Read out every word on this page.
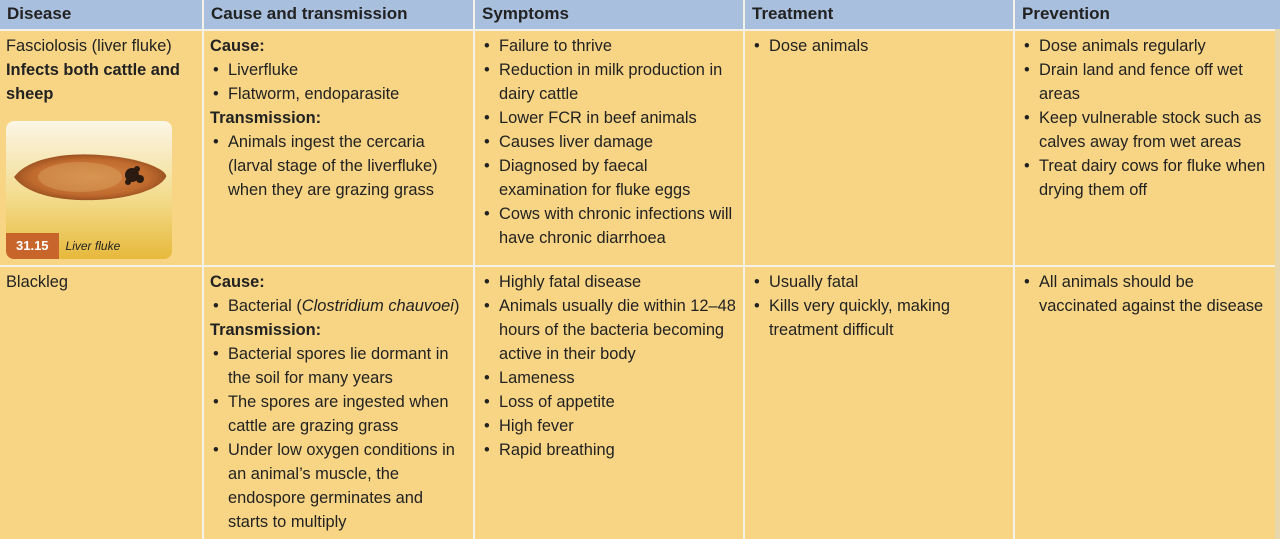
Disease	Cause and transmission	Symptoms	Treatment	Prevention
Fasciolosis (liver fluke)
Infects both cattle and sheep
31.15	Liver fluke
Cause:
• Liverfluke
• Flatworm, endoparasite
Transmission:
• Animals ingest the cercaria (larval stage of the liverfluke) when they are grazing grass
• Failure to thrive
• Reduction in milk production in dairy cattle
• Lower FCR in beef animals
• Causes liver damage
• Diagnosed by faecal examination for fluke eggs
• Cows with chronic infections will have chronic diarrhoea
• Dose animals
•	Dose animals regularly
• Drain land and fence off wet areas
• Keep vulnerable stock such as calves away from wet areas
• Treat dairy cows for fluke when drying them off
Blackleg	Cause:
• Bacterial (Clostridium chauvoei)
Transmission:
• Bacterial spores lie dormant in the soil for many years
• The spores are ingested when cattle are grazing grass
• Under low oxygen conditions in an animal’s muscle, the endospore germinates and starts to multiply
• Highly fatal disease
• Animals usually die within 12–48 hours of the bacteria becoming active in their body
• Lameness
• Loss of appetite
• High fever
• Rapid breathing
• Usually fatal
• Kills very quickly, making treatment difficult
• All animals should be vaccinated against the disease
